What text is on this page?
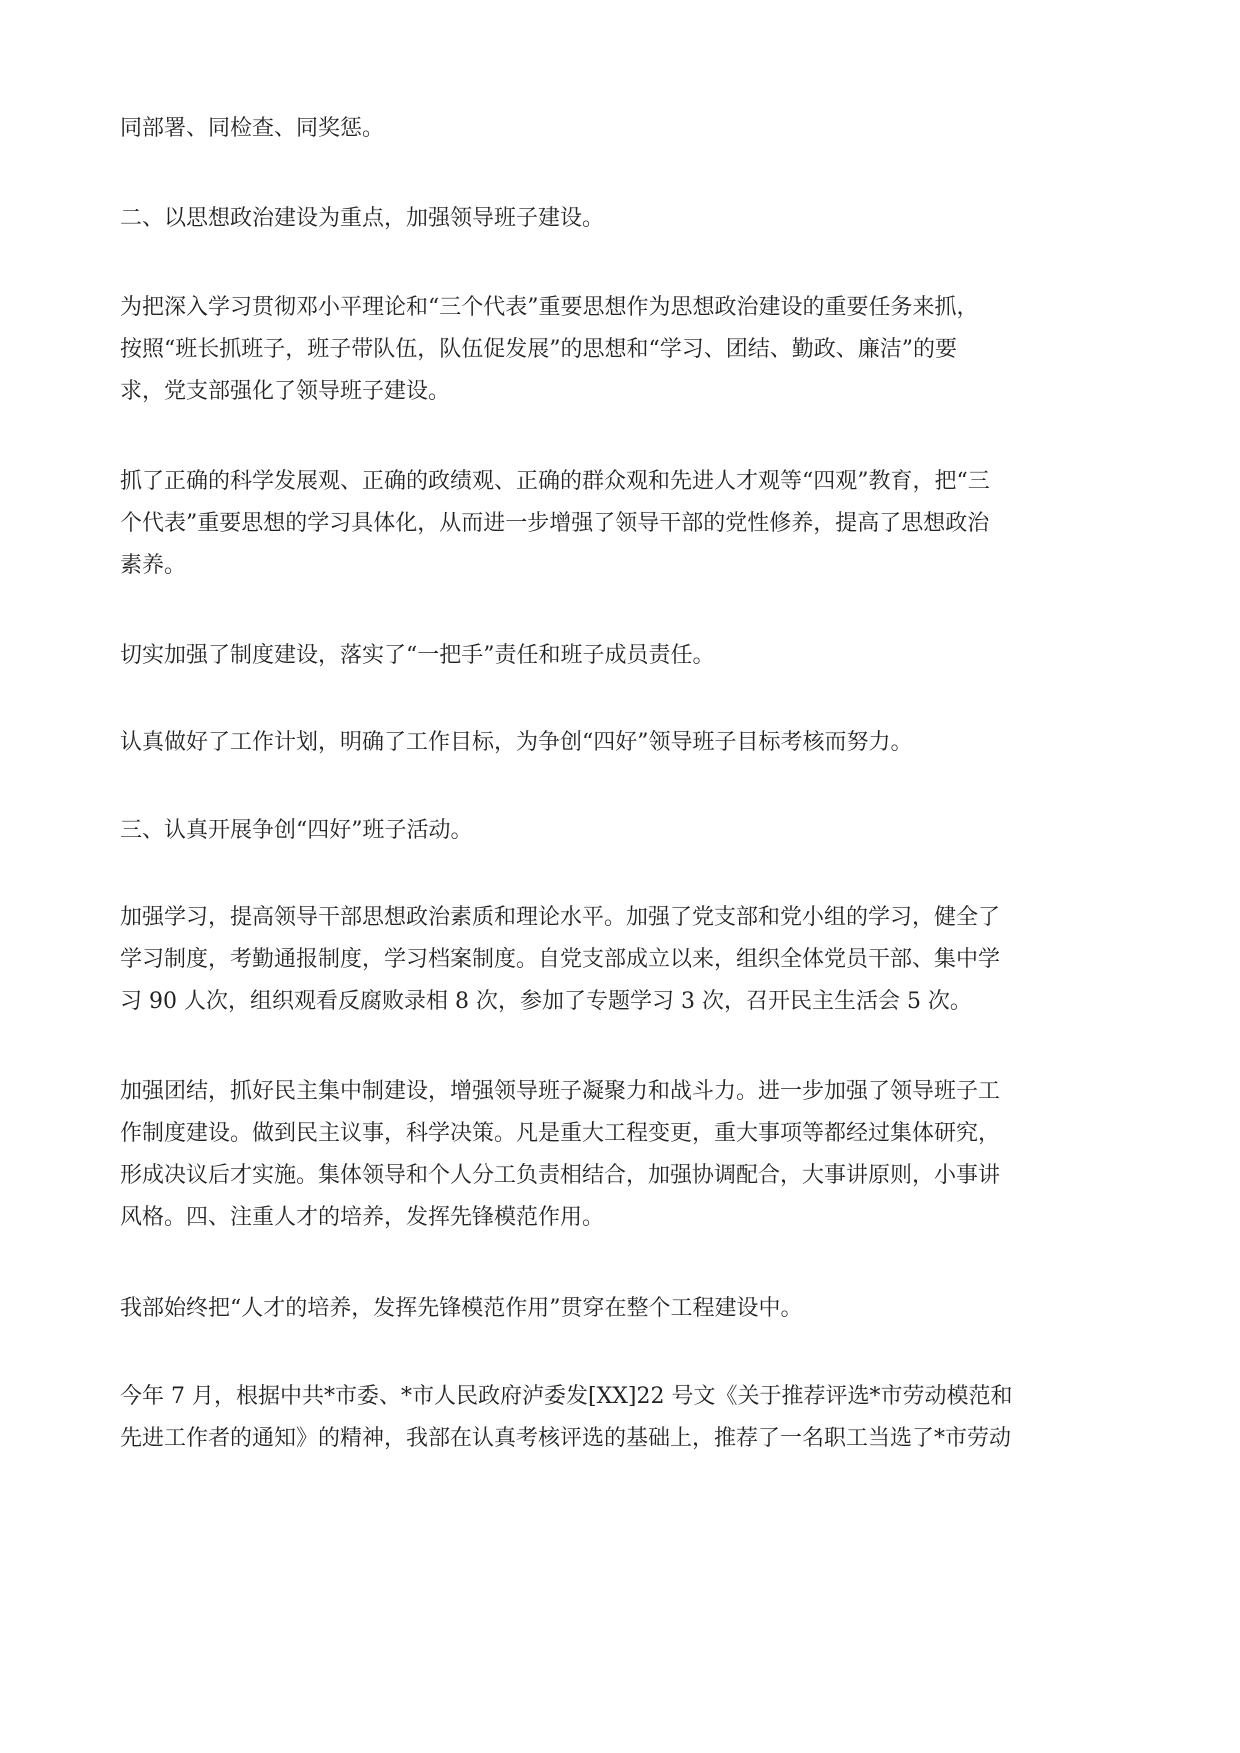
同部署、同检查、同奖惩。

二、以思想政治建设为重点，加强领导班子建设。

为把深入学习贯彻邓小平理论和“三个代表”重要思想作为思想政治建设的重要任务来抓，
按照“班长抓班子，班子带队伍，队伍促发展”的思想和“学习、团结、勤政、廉洁”的要
求，党支部强化了领导班子建设。

抓了正确的科学发展观、正确的政绩观、正确的群众观和先进人才观等“四观”教育，把“三
个代表”重要思想的学习具体化，从而进一步增强了领导干部的党性修养，提高了思想政治
素养。

切实加强了制度建设，落实了“一把手”责任和班子成员责任。

认真做好了工作计划，明确了工作目标，为争创“四好”领导班子目标考核而努力。

三、认真开展争创“四好”班子活动。

加强学习，提高领导干部思想政治素质和理论水平。加强了党支部和党小组的学习，健全了
学习制度，考勤通报制度，学习档案制度。自党支部成立以来，组织全体党员干部、集中学
习 90 人次，组织观看反腐败录相 8 次，参加了专题学习 3 次，召开民主生活会 5 次。

加强团结，抓好民主集中制建设，增强领导班子凝聚力和战斗力。进一步加强了领导班子工
作制度建设。做到民主议事，科学决策。凡是重大工程变更，重大事项等都经过集体研究，
形成决议后才实施。集体领导和个人分工负责相结合，加强协调配合，大事讲原则，小事讲
风格。四、注重人才的培养，发挥先锋模范作用。

我部始终把“人才的培养，发挥先锋模范作用”贯穿在整个工程建设中。

今年 7 月，根据中共*市委、*市人民政府泸委发[XX]22 号文《关于推荐评选*市劳动模范和
先进工作者的通知》的精神，我部在认真考核评选的基础上，推荐了一名职工当选了*市劳动
